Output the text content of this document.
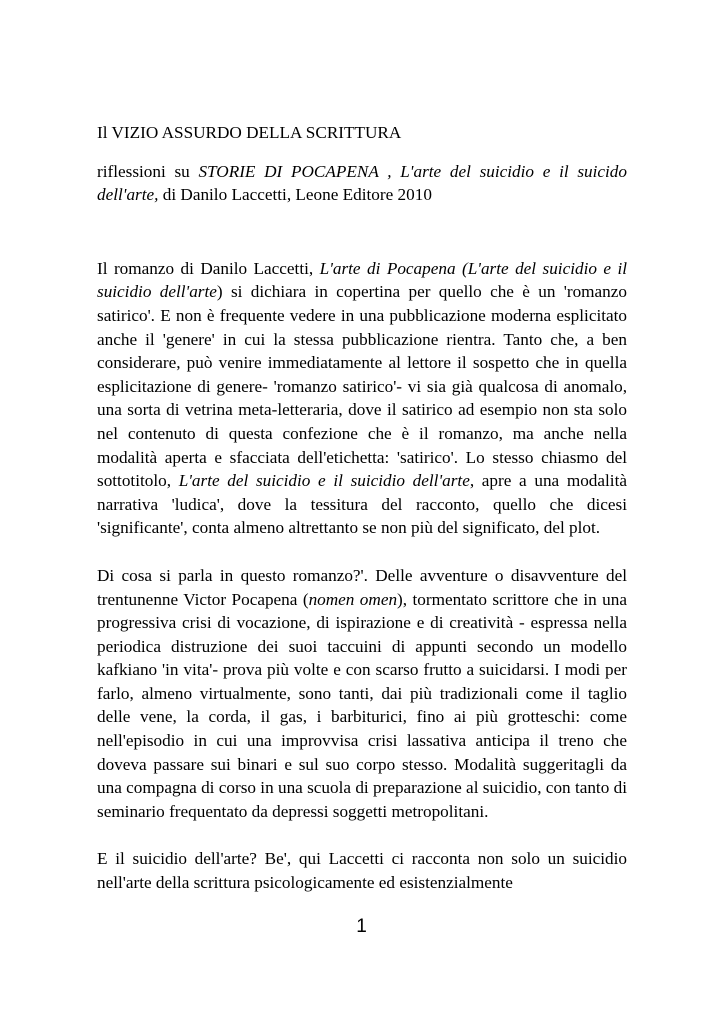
Il VIZIO ASSURDO DELLA SCRITTURA

riflessioni su STORIE DI POCAPENA , L'arte del suicidio e il suicido dell'arte, di Danilo Laccetti, Leone Editore 2010

Il romanzo di Danilo Laccetti, L'arte di Pocapena (L'arte del suicidio e il suicidio dell'arte) si dichiara in copertina per quello che è un 'romanzo satirico'. E non è frequente vedere in una pubblicazione moderna esplicitato anche il 'genere' in cui la stessa pubblicazione rientra. Tanto che, a ben considerare, può venire immediatamente al lettore il sospetto che in quella esplicitazione di genere- 'romanzo satirico'- vi sia già qualcosa di anomalo, una sorta di vetrina meta-letteraria, dove il satirico ad esempio non sta solo nel contenuto di questa confezione che è il romanzo, ma anche nella modalità aperta e sfacciata dell'etichetta: 'satirico'. Lo stesso chiasmo del sottotitolo, L'arte del suicidio e il suicidio dell'arte, apre a una modalità narrativa 'ludica', dove la tessitura del racconto, quello che dicesi 'significante', conta almeno altrettanto se non più del significato, del plot.

Di cosa si parla in questo romanzo?'. Delle avventure o disavventure del trentunenne Victor Pocapena (nomen omen), tormentato scrittore che in una progressiva crisi di vocazione, di ispirazione e di creatività - espressa nella periodica distruzione dei suoi taccuini di appunti secondo un modello kafkiano 'in vita'- prova più volte e con scarso frutto a suicidarsi. I modi per farlo, almeno virtualmente, sono tanti, dai più tradizionali come il taglio delle vene, la corda, il gas, i barbiturici, fino ai più grotteschi: come nell'episodio in cui una improvvisa crisi lassativa anticipa il treno che doveva passare sui binari e sul suo corpo stesso. Modalità suggeritagli da una compagna di corso in una scuola di preparazione al suicidio, con tanto di seminario frequentato da depressi soggetti metropolitani.

E il suicidio dell'arte? Be', qui Laccetti ci racconta non solo un suicidio nell'arte della scrittura psicologicamente ed esistenzialmente

1
